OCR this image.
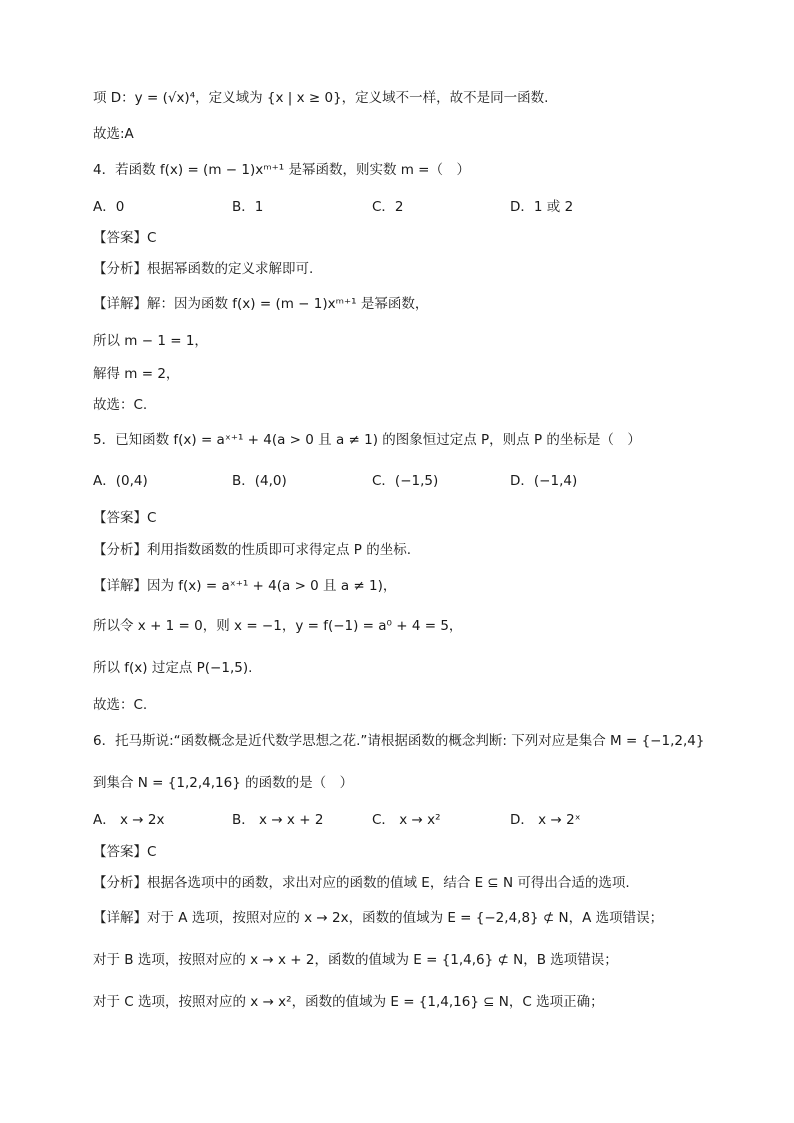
项 D：y = (√x)⁴，定义域为 {x | x ≥ 0}，定义域不一样，故不是同一函数.
故选:A
4．若函数 f(x) = (m − 1)xᵐ⁺¹ 是幂函数，则实数 m =（　）
A．0	B．1	C．2	D．1 或 2
【答案】C
【分析】根据幂函数的定义求解即可.
【详解】解：因为函数 f(x) = (m − 1)xᵐ⁺¹ 是幂函数，
所以 m − 1 = 1，
解得 m = 2，
故选：C.
5．已知函数 f(x) = aˣ⁺¹ + 4(a > 0 且 a ≠ 1) 的图象恒过定点 P，则点 P 的坐标是（　）
A．(0,4)	B．(4,0)	C．(−1,5)	D．(−1,4)
【答案】C
【分析】利用指数函数的性质即可求得定点 P 的坐标.
【详解】因为 f(x) = aˣ⁺¹ + 4(a > 0 且 a ≠ 1)，
所以令 x + 1 = 0，则 x = −1，y = f(−1) = a⁰ + 4 = 5，
所以 f(x) 过定点 P(−1,5).
故选：C.
6．托马斯说:“函数概念是近代数学思想之花.”请根据函数的概念判断: 下列对应是集合 M = {−1,2,4}
到集合 N = {1,2,4,16} 的函数的是（　）
A． x → 2x	B． x → x + 2	C． x → x²	D． x → 2ˣ
【答案】C
【分析】根据各选项中的函数，求出对应的函数的值域 E，结合 E ⊆ N 可得出合适的选项.
【详解】对于 A 选项，按照对应的 x → 2x，函数的值域为 E = {−2,4,8} ⊄ N，A 选项错误；
对于 B 选项，按照对应的 x → x + 2，函数的值域为 E = {1,4,6} ⊄ N，B 选项错误；
对于 C 选项，按照对应的 x → x²，函数的值域为 E = {1,4,16} ⊆ N，C 选项正确；
